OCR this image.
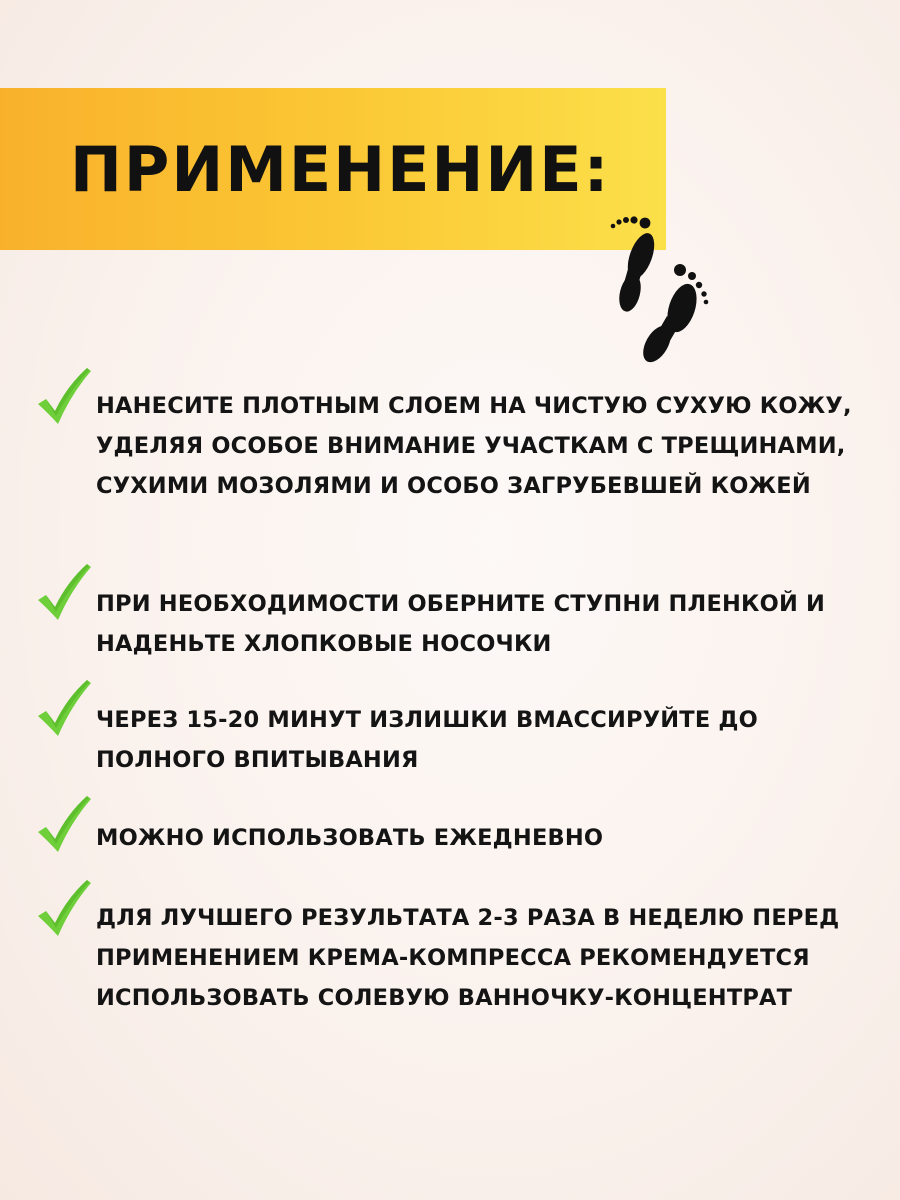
ПРИМЕНЕНИЕ:

НАНЕСИТЕ ПЛОТНЫМ СЛОЕМ НА ЧИСТУЮ СУХУЮ КОЖУ, УДЕЛЯЯ ОСОБОЕ ВНИМАНИЕ УЧАСТКАМ С ТРЕЩИНАМИ, СУХИМИ МОЗОЛЯМИ И ОСОБО ЗАГРУБЕВШЕЙ КОЖЕЙ

ПРИ НЕОБХОДИМОСТИ ОБЕРНИТЕ СТУПНИ ПЛЕНКОЙ И НАДЕНЬТЕ ХЛОПКОВЫЕ НОСОЧКИ

ЧЕРЕЗ 15-20 МИНУТ ИЗЛИШКИ ВМАССИРУЙТЕ ДО ПОЛНОГО ВПИТЫВАНИЯ

МОЖНО ИСПОЛЬЗОВАТЬ ЕЖЕДНЕВНО

ДЛЯ ЛУЧШЕГО РЕЗУЛЬТАТА 2-3 РАЗА В НЕДЕЛЮ ПЕРЕД ПРИМЕНЕНИЕМ КРЕМА-КОМПРЕССА РЕКОМЕНДУЕТСЯ ИСПОЛЬЗОВАТЬ СОЛЕВУЮ ВАННОЧКУ-КОНЦЕНТРАТ
